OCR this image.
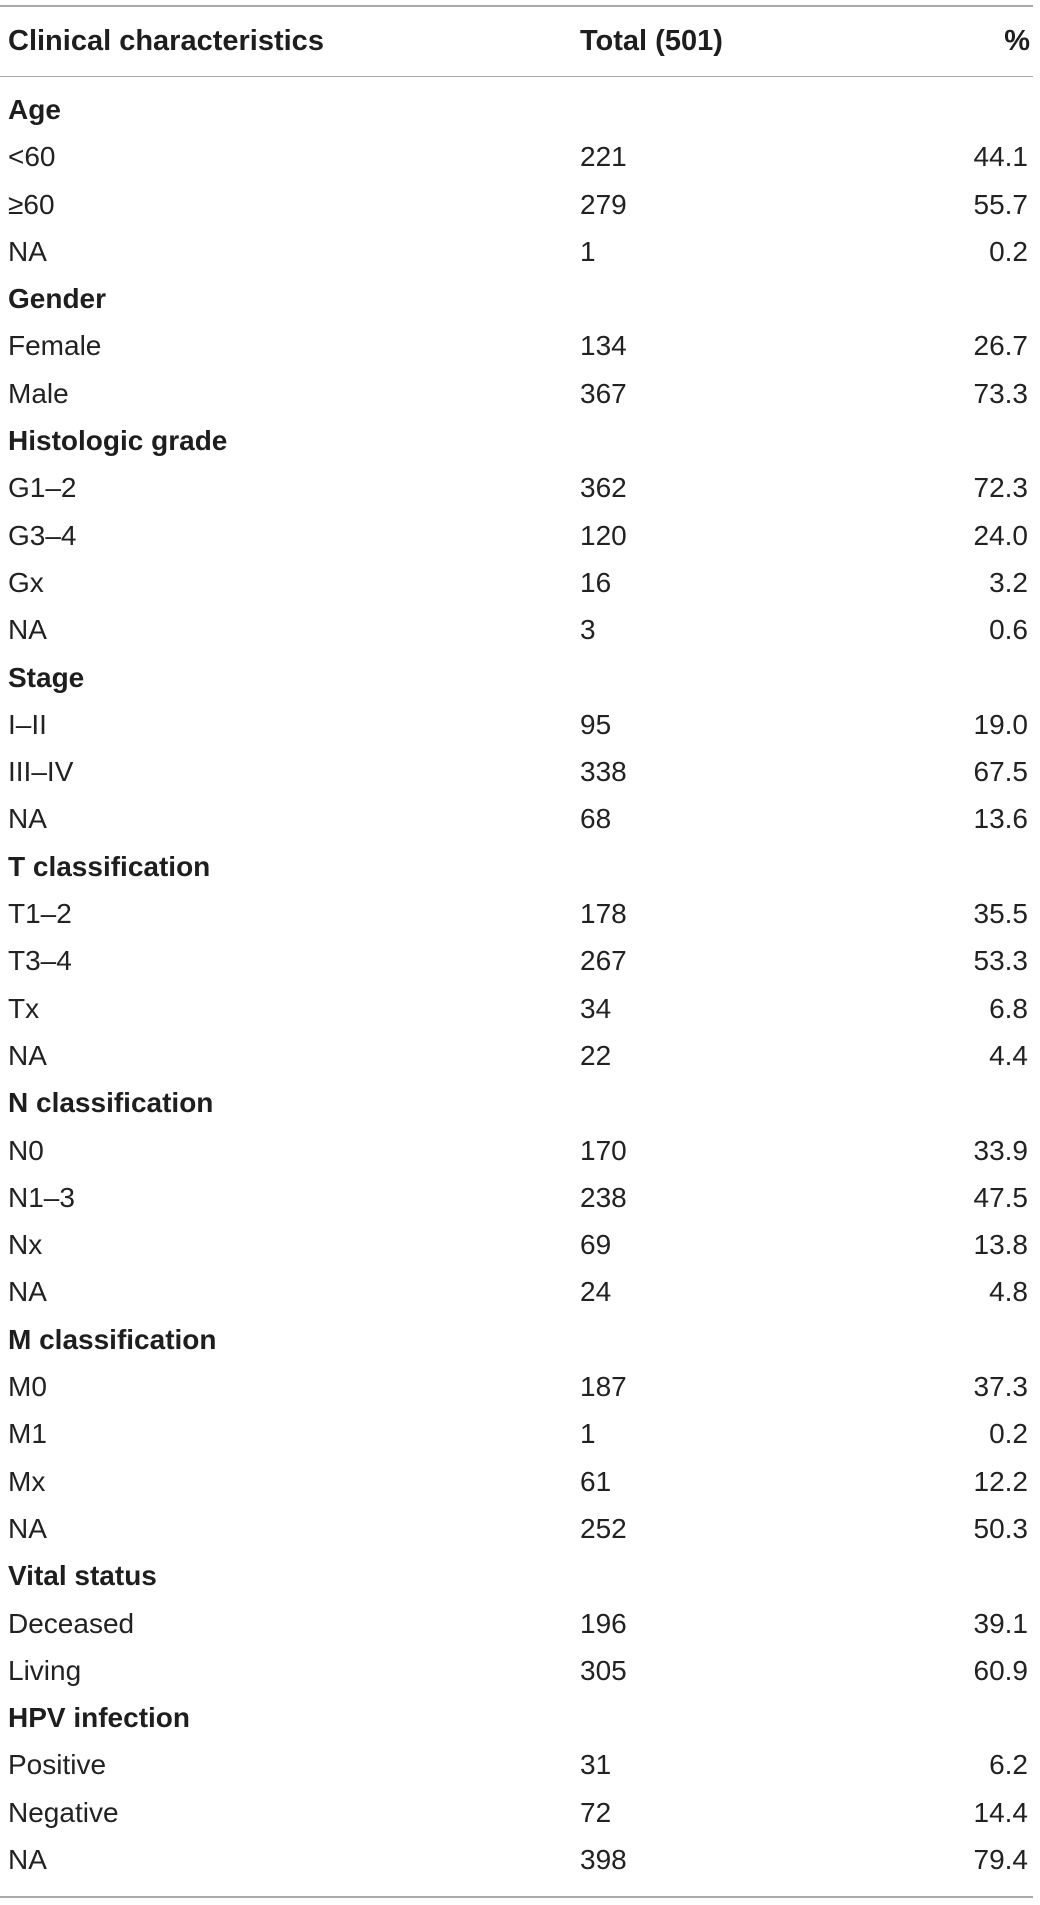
Clinical characteristics	Total (501)	%
Age
<60	221	44.1
≥60	279	55.7
NA	1	0.2
Gender
Female	134	26.7
Male	367	73.3
Histologic grade
G1–2	362	72.3
G3–4	120	24.0
Gx	16	3.2
NA	3	0.6
Stage
I–II	95	19.0
III–IV	338	67.5
NA	68	13.6
T classification
T1–2	178	35.5
T3–4	267	53.3
Tx	34	6.8
NA	22	4.4
N classification
N0	170	33.9
N1–3	238	47.5
Nx	69	13.8
NA	24	4.8
M classification
M0	187	37.3
M1	1	0.2
Mx	61	12.2
NA	252	50.3
Vital status
Deceased	196	39.1
Living	305	60.9
HPV infection
Positive	31	6.2
Negative	72	14.4
NA	398	79.4
